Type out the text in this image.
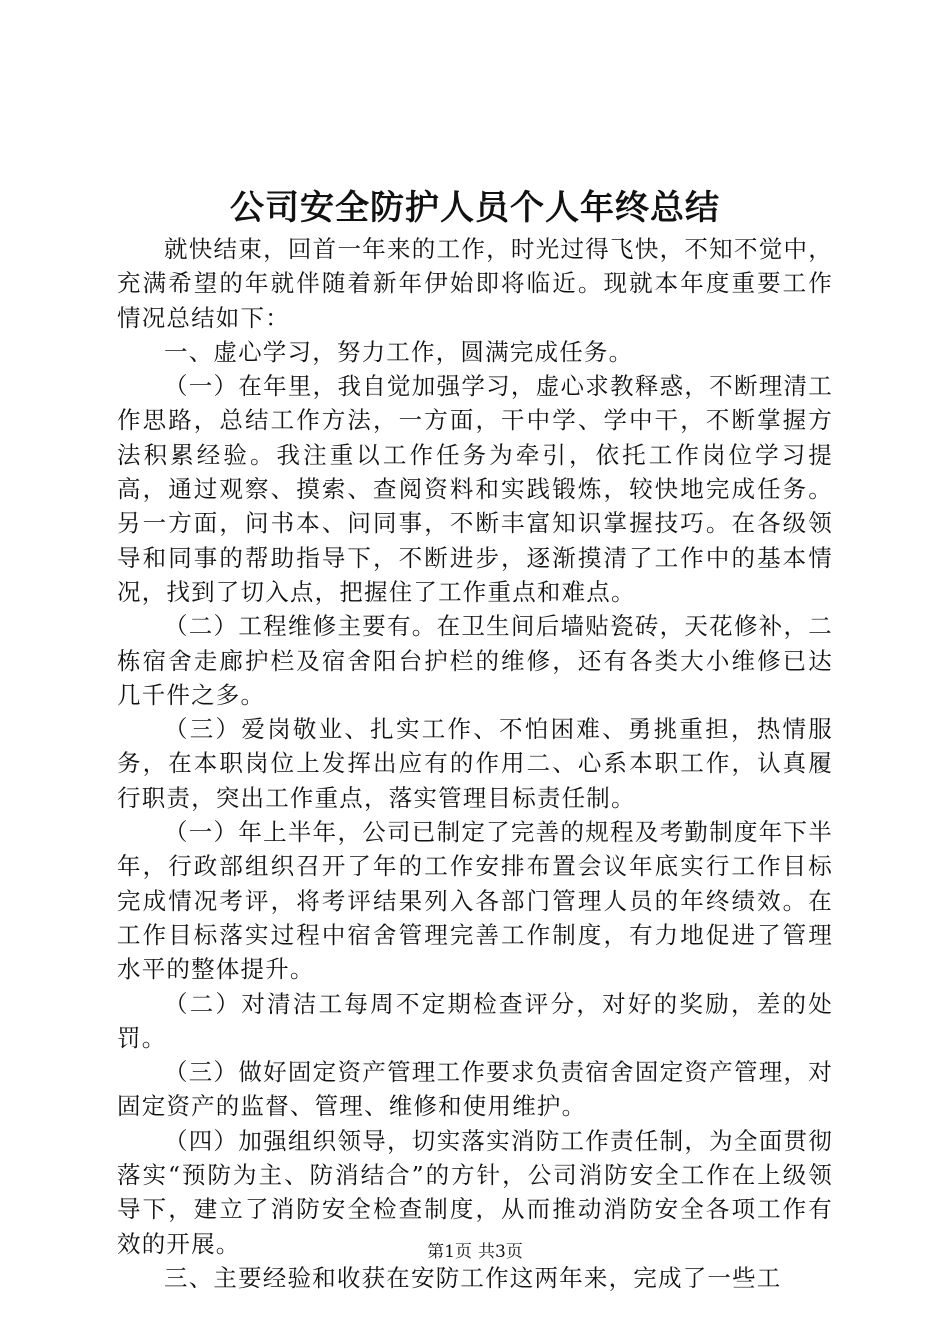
公司安全防护人员个人年终总结

就快结束，回首一年来的工作，时光过得飞快，不知不觉中，充满希望的年就伴随着新年伊始即将临近。现就本年度重要工作情况总结如下：

一、虚心学习，努力工作，圆满完成任务。

（一）在年里，我自觉加强学习，虚心求教释惑，不断理清工作思路，总结工作方法，一方面，干中学、学中干，不断掌握方法积累经验。我注重以工作任务为牵引，依托工作岗位学习提高，通过观察、摸索、查阅资料和实践锻炼，较快地完成任务。另一方面，问书本、问同事，不断丰富知识掌握技巧。在各级领导和同事的帮助指导下，不断进步，逐渐摸清了工作中的基本情况，找到了切入点，把握住了工作重点和难点。

（二）工程维修主要有。在卫生间后墙贴瓷砖，天花修补，二栋宿舍走廊护栏及宿舍阳台护栏的维修，还有各类大小维修已达几千件之多。

（三）爱岗敬业、扎实工作、不怕困难、勇挑重担，热情服务，在本职岗位上发挥出应有的作用二、心系本职工作，认真履行职责，突出工作重点，落实管理目标责任制。

（一）年上半年，公司已制定了完善的规程及考勤制度年下半年，行政部组织召开了年的工作安排布置会议年底实行工作目标完成情况考评，将考评结果列入各部门管理人员的年终绩效。在工作目标落实过程中宿舍管理完善工作制度，有力地促进了管理水平的整体提升。

（二）对清洁工每周不定期检查评分，对好的奖励，差的处罚。

（三）做好固定资产管理工作要求负责宿舍固定资产管理，对固定资产的监督、管理、维修和使用维护。

（四）加强组织领导，切实落实消防工作责任制，为全面贯彻落实“预防为主、防消结合”的方针，公司消防安全工作在上级领导下，建立了消防安全检查制度，从而推动消防安全各项工作有效的开展。

三、主要经验和收获在安防工作这两年来，完成了一些工

第1页 共3页
